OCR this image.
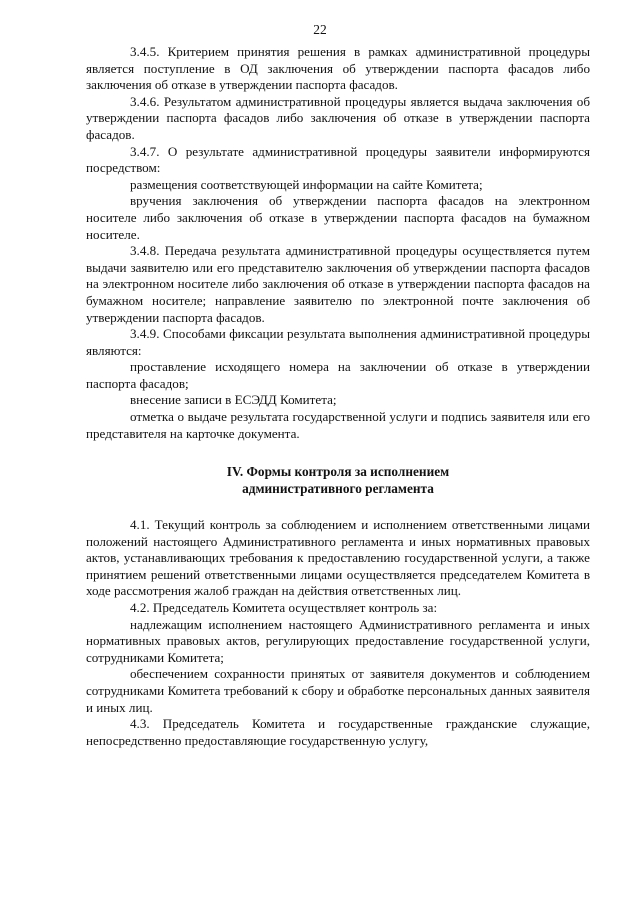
22

3.4.5. Критерием принятия решения в рамках административной процедуры является поступление в ОД заключения об утверждении паспорта фасадов либо заключения об отказе в утверждении паспорта фасадов.

3.4.6. Результатом административной процедуры является выдача заключения об утверждении паспорта фасадов либо заключения об отказе в утверждении паспорта фасадов.

3.4.7. О результате административной процедуры заявители информируются посредством:

размещения соответствующей информации на сайте Комитета;

вручения заключения об утверждении паспорта фасадов на электронном носителе либо заключения об отказе в утверждении паспорта фасадов на бумажном носителе.

3.4.8. Передача результата административной процедуры осуществляется путем выдачи заявителю или его представителю заключения об утверждении паспорта фасадов на электронном носителе либо заключения об отказе в утверждении паспорта фасадов на бумажном носителе; направление заявителю по электронной почте заключения об утверждении паспорта фасадов.

3.4.9. Способами фиксации результата выполнения административной процедуры являются:

проставление исходящего номера на заключении об отказе в утверждении паспорта фасадов;

внесение записи в ЕСЭДД Комитета;

отметка о выдаче результата государственной услуги и подпись заявителя или его представителя на карточке документа.

IV. Формы контроля за исполнением
административного регламента

4.1. Текущий контроль за соблюдением и исполнением ответственными лицами положений настоящего Административного регламента и иных нормативных правовых актов, устанавливающих требования к предоставлению государственной услуги, а также принятием решений ответственными лицами осуществляется председателем Комитета в ходе рассмотрения жалоб граждан на действия ответственных лиц.

4.2. Председатель Комитета осуществляет контроль за:

надлежащим исполнением настоящего Административного регламента и иных нормативных правовых актов, регулирующих предоставление государственной услуги, сотрудниками Комитета;

обеспечением сохранности принятых от заявителя документов и соблюдением сотрудниками Комитета требований к сбору и обработке персональных данных заявителя и иных лиц.

4.3. Председатель Комитета и государственные гражданские служащие, непосредственно предоставляющие государственную услугу,
